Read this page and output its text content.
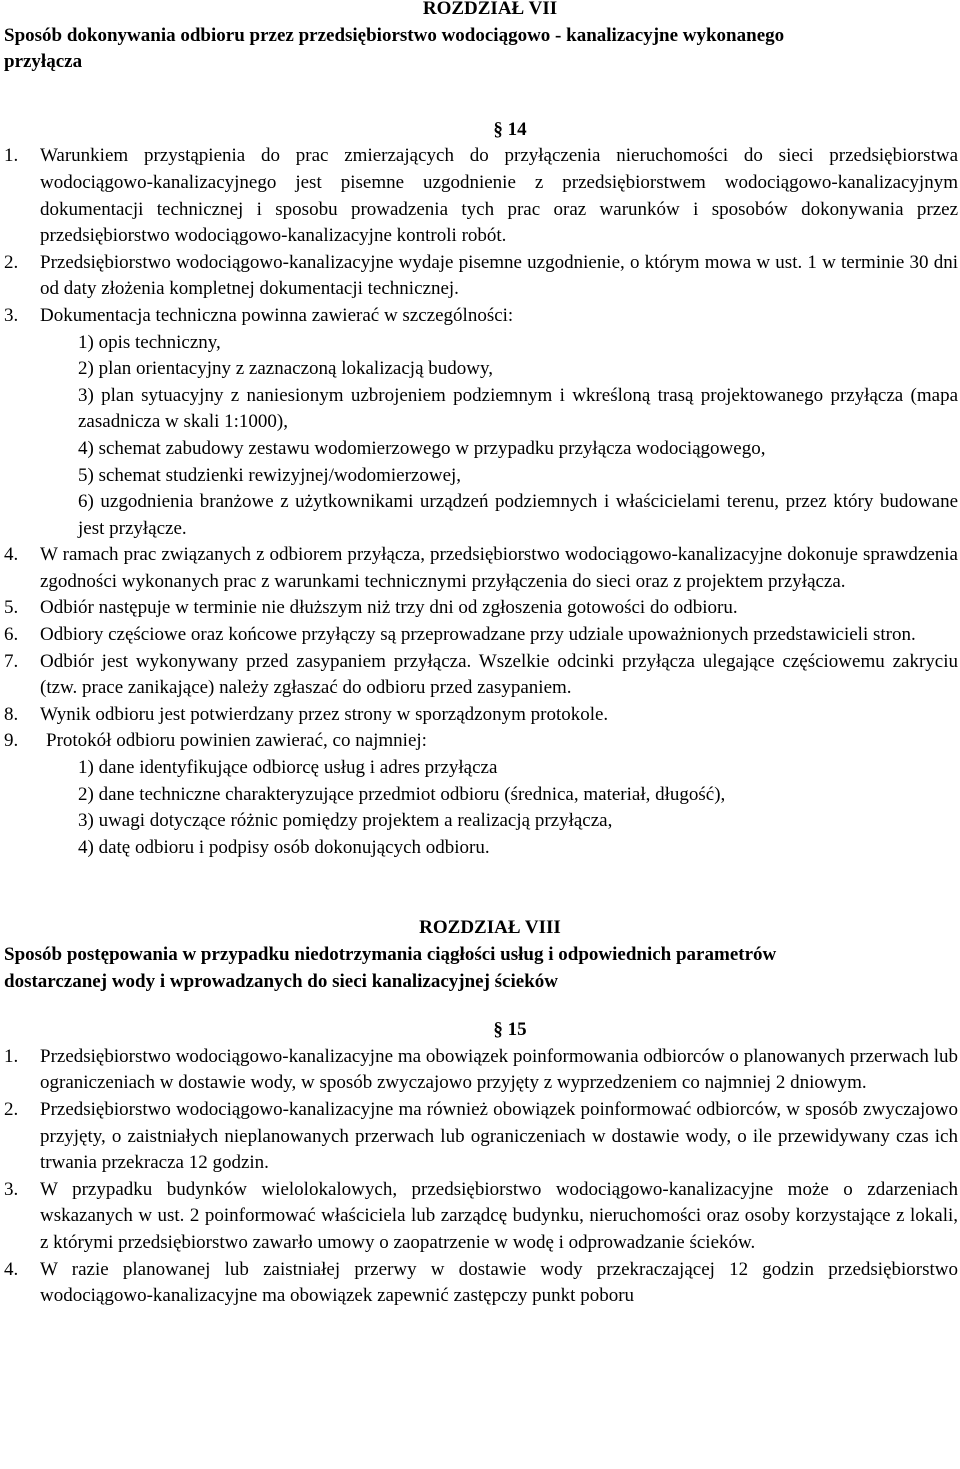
ROZDZIAŁ VII
Sposób dokonywania odbioru przez przedsiębiorstwo wodociągowo - kanalizacyjne wykonanego przyłącza
§ 14
1. Warunkiem przystąpienia do prac zmierzających do przyłączenia nieruchomości do sieci przedsiębiorstwa wodociągowo-kanalizacyjnego jest pisemne uzgodnienie z przedsiębiorstwem wodociągowo-kanalizacyjnym dokumentacji technicznej i sposobu prowadzenia tych prac oraz warunków i sposobów dokonywania przez przedsiębiorstwo wodociągowo-kanalizacyjne kontroli robót.
2. Przedsiębiorstwo wodociągowo-kanalizacyjne wydaje pisemne uzgodnienie, o którym mowa w ust. 1 w terminie 30 dni od daty złożenia kompletnej dokumentacji technicznej.
3. Dokumentacja techniczna powinna zawierać w szczególności:
1) opis techniczny,
2) plan orientacyjny z zaznaczoną lokalizacją budowy,
3) plan sytuacyjny z naniesionym uzbrojeniem podziemnym i wkreśloną trasą projektowanego przyłącza (mapa zasadnicza w skali 1:1000),
4) schemat zabudowy zestawu wodomierzowego w przypadku przyłącza wodociągowego,
5) schemat studzienki rewizyjnej/wodomierzowej,
6) uzgodnienia branżowe z użytkownikami urządzeń podziemnych i właścicielami terenu, przez który budowane jest przyłącze.
4. W ramach prac związanych z odbiorem przyłącza, przedsiębiorstwo wodociągowo-kanalizacyjne dokonuje sprawdzenia zgodności wykonanych prac z warunkami technicznymi przyłączenia do sieci oraz z projektem przyłącza.
5. Odbiór następuje w terminie nie dłuższym niż trzy dni od zgłoszenia gotowości do odbioru.
6. Odbiory częściowe oraz końcowe przyłączy są przeprowadzane przy udziale upoważnionych przedstawicieli stron.
7. Odbiór jest wykonywany przed zasypaniem przyłącza. Wszelkie odcinki przyłącza ulegające częściowemu zakryciu (tzw. prace zanikające) należy zgłaszać do odbioru przed zasypaniem.
8. Wynik odbioru jest potwierdzany przez strony w sporządzonym protokole.
9. Protokół odbioru powinien zawierać, co najmniej:
1) dane identyfikujące odbiorcę usług i adres przyłącza
2) dane techniczne charakteryzujące przedmiot odbioru (średnica, materiał, długość),
3) uwagi dotyczące różnic pomiędzy projektem a realizacją przyłącza,
4) datę odbioru i podpisy osób dokonujących odbioru.
ROZDZIAŁ VIII
Sposób postępowania w przypadku niedotrzymania ciągłości usług i odpowiednich parametrów dostarczanej wody i wprowadzanych do sieci kanalizacyjnej ścieków
§ 15
1. Przedsiębiorstwo wodociągowo-kanalizacyjne ma obowiązek poinformowania odbiorców o planowanych przerwach lub ograniczeniach w dostawie wody, w sposób zwyczajowo przyjęty z wyprzedzeniem co najmniej 2 dniowym.
2. Przedsiębiorstwo wodociągowo-kanalizacyjne ma również obowiązek poinformować odbiorców, w sposób zwyczajowo przyjęty, o zaistniałych nieplanowanych przerwach lub ograniczeniach w dostawie wody, o ile przewidywany czas ich trwania przekracza 12 godzin.
3. W przypadku budynków wielolokalowych, przedsiębiorstwo wodociągowo-kanalizacyjne może o zdarzeniach wskazanych w ust. 2 poinformować właściciela lub zarządcę budynku, nieruchomości oraz osoby korzystające z lokali, z którymi przedsiębiorstwo zawarło umowy o zaopatrzenie w wodę i odprowadzanie ścieków.
4. W razie planowanej lub zaistniałej przerwy w dostawie wody przekraczającej 12 godzin przedsiębiorstwo wodociągowo-kanalizacyjne ma obowiązek zapewnić zastępczy punkt poboru
